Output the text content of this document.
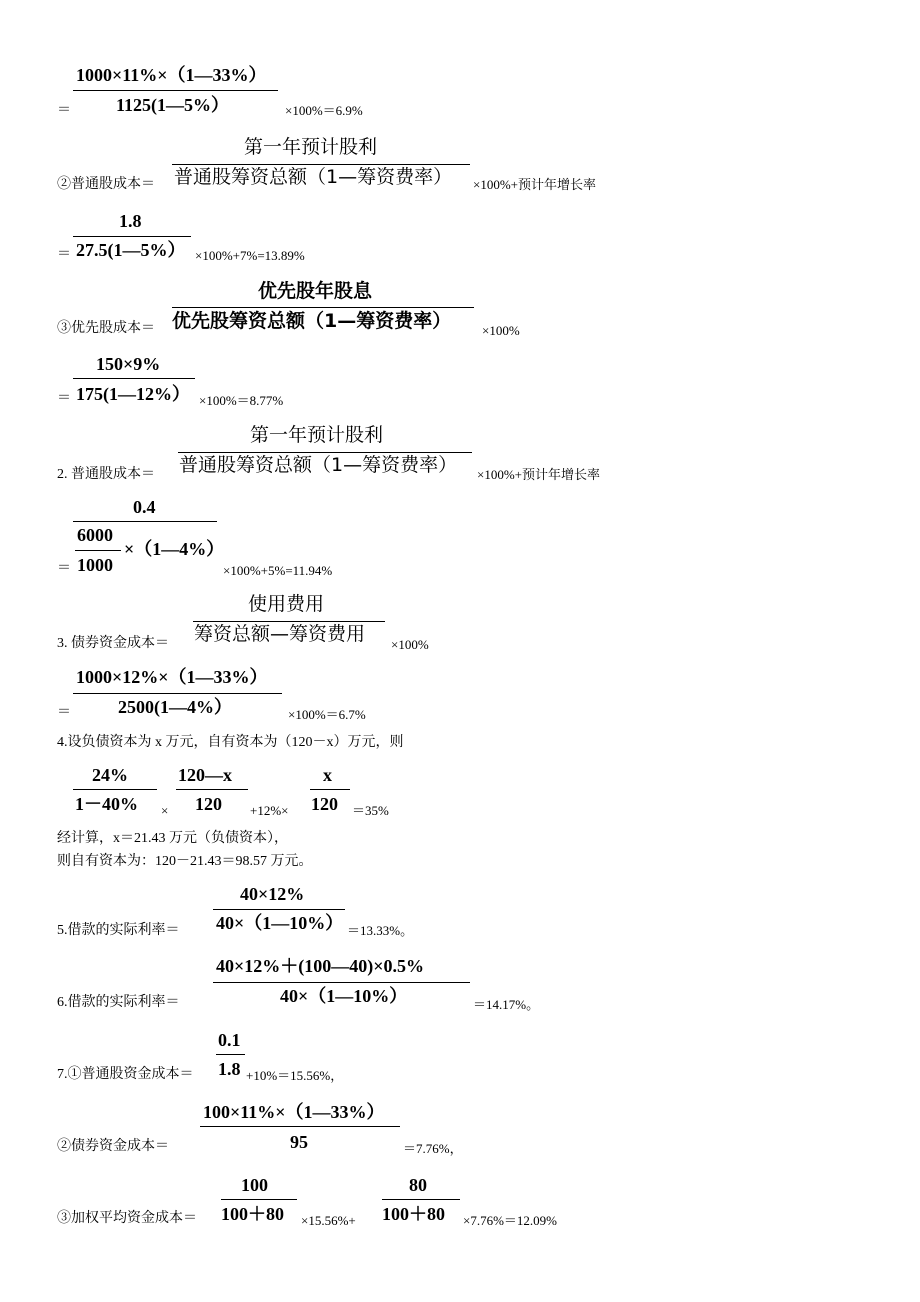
＝
1000×11%×（1—33%）
1125(1—5%）	×100%＝6.9%
②普通股成本＝
第一年预计股利
普通股筹资总额（1—筹资费率） ×100%+预计年增长率
＝
1.8
27.5(1—5%） ×100%+7%=13.89%
③优先股成本＝
优先股年股息
优先股筹资总额（1—筹资费率） ×100%
＝
150×9%
175(1—12%） ×100%＝8.77%
2. 普通股成本＝
第一年预计股利
普通股筹资总额（1—筹资费率） ×100%+预计年增长率
＝
0.4
6000
1000
×（1—4%）
×100%+5%=11.94%
3. 债券资金成本＝
使用费用
筹资总额—筹资费用 ×100%
＝
1000×12%×（1—33%）
2500(1—4%）	×100%＝6.7%
4.设负债资本为 x 万元，自有资本为（120－x）万元，则
24%
1－40% ×
120—x
120 +12%×
x
120 ＝35%
经计算，x＝21.43 万元（负债资本），
则自有资本为：120－21.43＝98.57 万元。
5.借款的实际利率＝
40×12%
40×（1—10%） ＝13.33%。
6.借款的实际利率＝
40×12%＋(100—40)×0.5%
40×（1—10%）	＝14.17%。
7.①普通股资金成本＝
0.1
1.8 +10%＝15.56%，
②债券资金成本＝
100×11%×（1—33%）
95	＝7.76%，
③加权平均资金成本＝
100
100＋80 ×15.56%+
80
100＋80 ×7.76%＝12.09%
